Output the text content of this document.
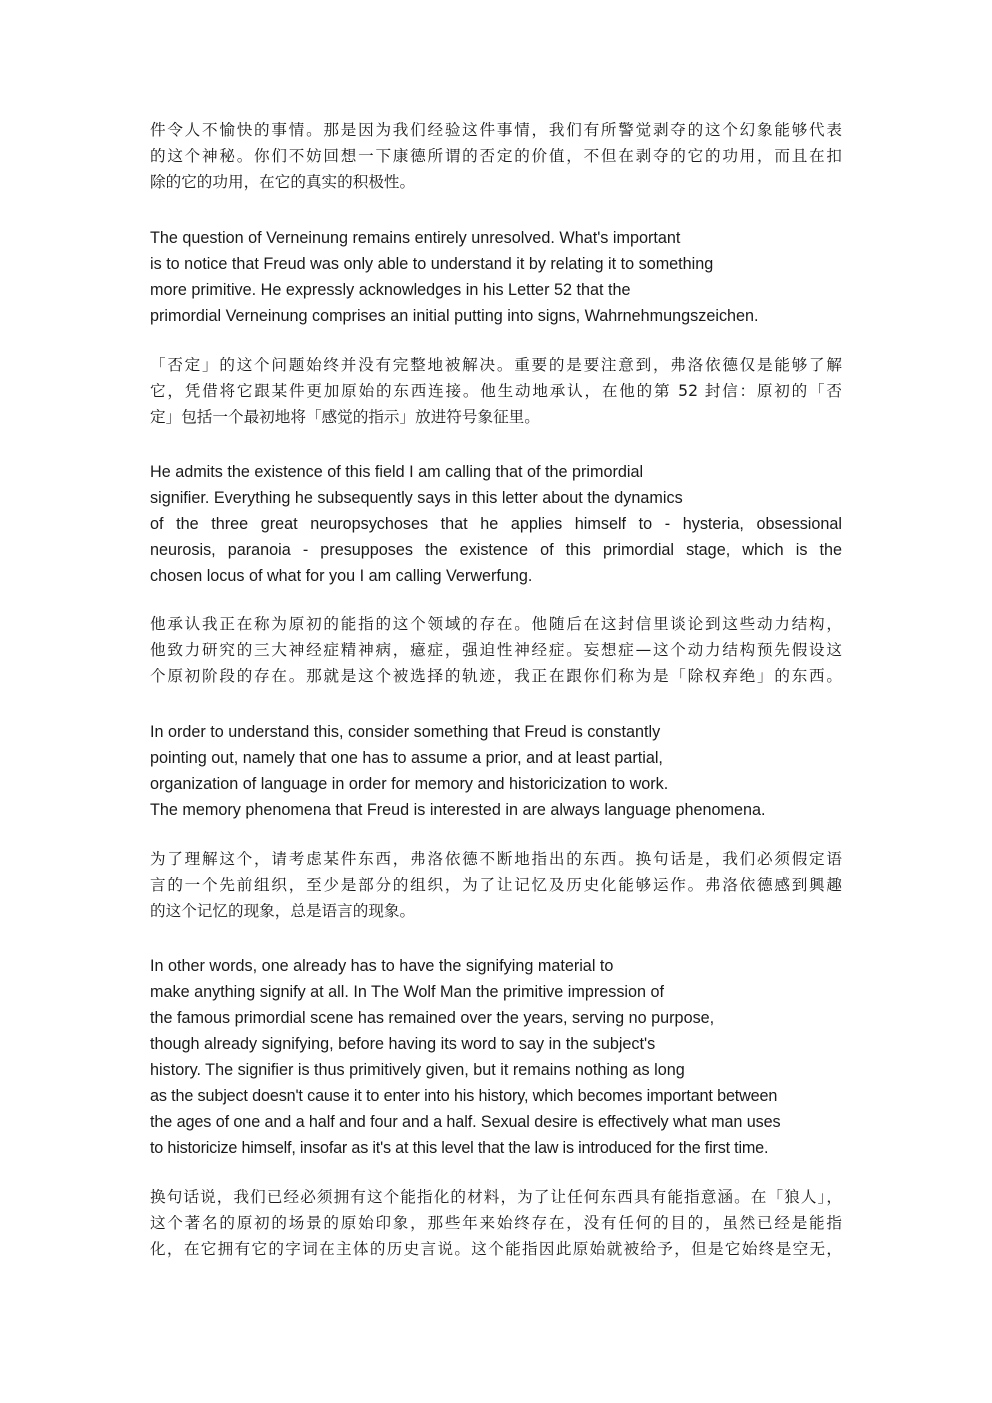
件令人不愉快的事情。那是因为我们经验这件事情，我们有所警觉剥夺的这个幻象能够代表
的这个神秘。你们不妨回想一下康德所谓的否定的价值，不但在剥夺的它的功用，而且在扣
除的它的功用，在它的真实的积极性。
The question of Verneinung remains entirely unresolved. What's important
is to notice that Freud was only able to understand it by relating it to something
more primitive. He expressly acknowledges in his Letter 52 that the
primordial Verneinung comprises an initial putting into signs, Wahrnehmungszeichen.
「否定」的这个问题始终并没有完整地被解决。重要的是要注意到，弗洛依德仅是能够了解
它，凭借将它跟某件更加原始的东西连接。他生动地承认，在他的第 52 封信：原初的「否
定」包括一个最初地将「感觉的指示」放进符号象征里。
He admits the existence of this field I am calling that of the primordial
signifier. Everything he subsequently says in this letter about the dynamics
of the three great neuropsychoses that he applies himself to - hysteria, obsessional
neurosis, paranoia - presupposes the existence of this primordial stage, which is the
chosen locus of what for you I am calling Verwerfung.
他承认我正在称为原初的能指的这个领域的存在。他随后在这封信里谈论到这些动力结构，
他致力研究的三大神经症精神病，癔症，强迫性神经症。妄想症—这个动力结构预先假设这
个原初阶段的存在。那就是这个被选择的轨迹，我正在跟你们称为是「除权弃绝」的东西。
In order to understand this, consider something that Freud is constantly
pointing out, namely that one has to assume a prior, and at least partial,
organization of language in order for memory and historicization to work.
The memory phenomena that Freud is interested in are always language phenomena.
为了理解这个，请考虑某件东西，弗洛依德不断地指出的东西。换句话是，我们必须假定语
言的一个先前组织，至少是部分的组织，为了让记忆及历史化能够运作。弗洛依德感到興趣
的这个记忆的现象，总是语言的现象。
In other words, one already has to have the signifying material to
make anything signify at all. In The Wolf Man the primitive impression of
the famous primordial scene has remained over the years, serving no purpose,
though already signifying, before having its word to say in the subject's
history. The signifier is thus primitively given, but it remains nothing as long
as the subject doesn't cause it to enter into his history, which becomes important between
the ages of one and a half and four and a half. Sexual desire is effectively what man uses
to historicize himself, insofar as it's at this level that the law is introduced for the first time.
换句话说，我们已经必须拥有这个能指化的材料，为了让任何东西具有能指意涵。在「狼人」，
这个著名的原初的场景的原始印象，那些年来始终存在，没有任何的目的，虽然已经是能指
化，在它拥有它的字词在主体的历史言说。这个能指因此原始就被给予，但是它始终是空无，
